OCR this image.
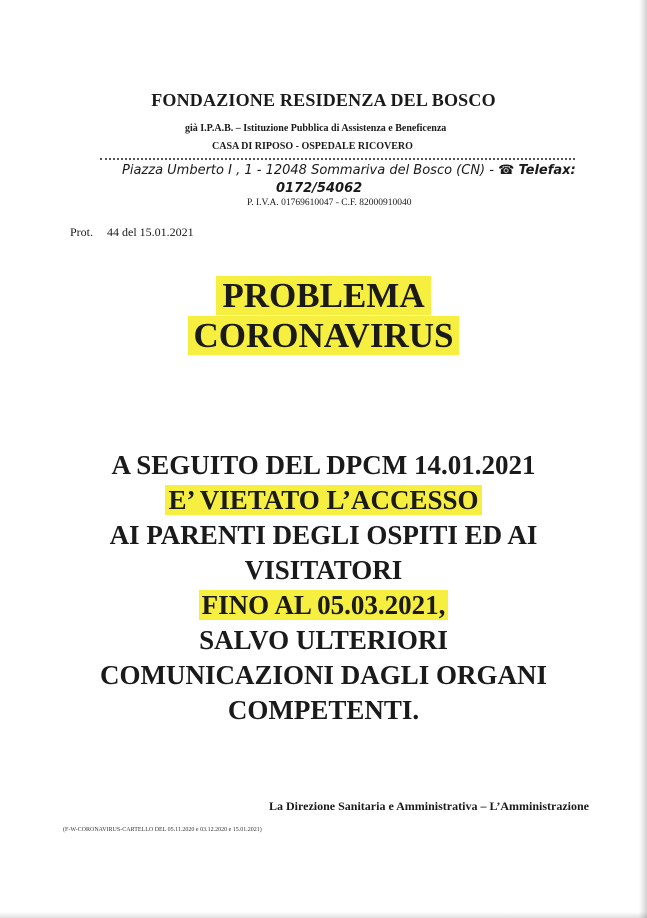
FONDAZIONE RESIDENZA DEL BOSCO
già I.P.A.B. – Istituzione Pubblica di Assistenza e Beneficenza
CASA DI RIPOSO - OSPEDALE RICOVERO
Piazza Umberto I , 1 - 12048 Sommariva del Bosco (CN) - ☎ Telefax:
0172/54062
P. I.V.A. 01769610047 - C.F. 82000910040
Prot. 44 del 15.01.2021
PROBLEMA
CORONAVIRUS
A SEGUITO DEL DPCM 14.01.2021
E’ VIETATO L’ACCESSO
AI PARENTI DEGLI OSPITI ED AI
VISITATORI
FINO AL 05.03.2021,
SALVO ULTERIORI
COMUNICAZIONI DAGLI ORGANI
COMPETENTI.
La Direzione Sanitaria e Amministrativa – L’Amministrazione
(F-W-CORONAVIRUS-CARTELLO DEL 05.11.2020 e 03.12.2020 e 15.01.2021)
